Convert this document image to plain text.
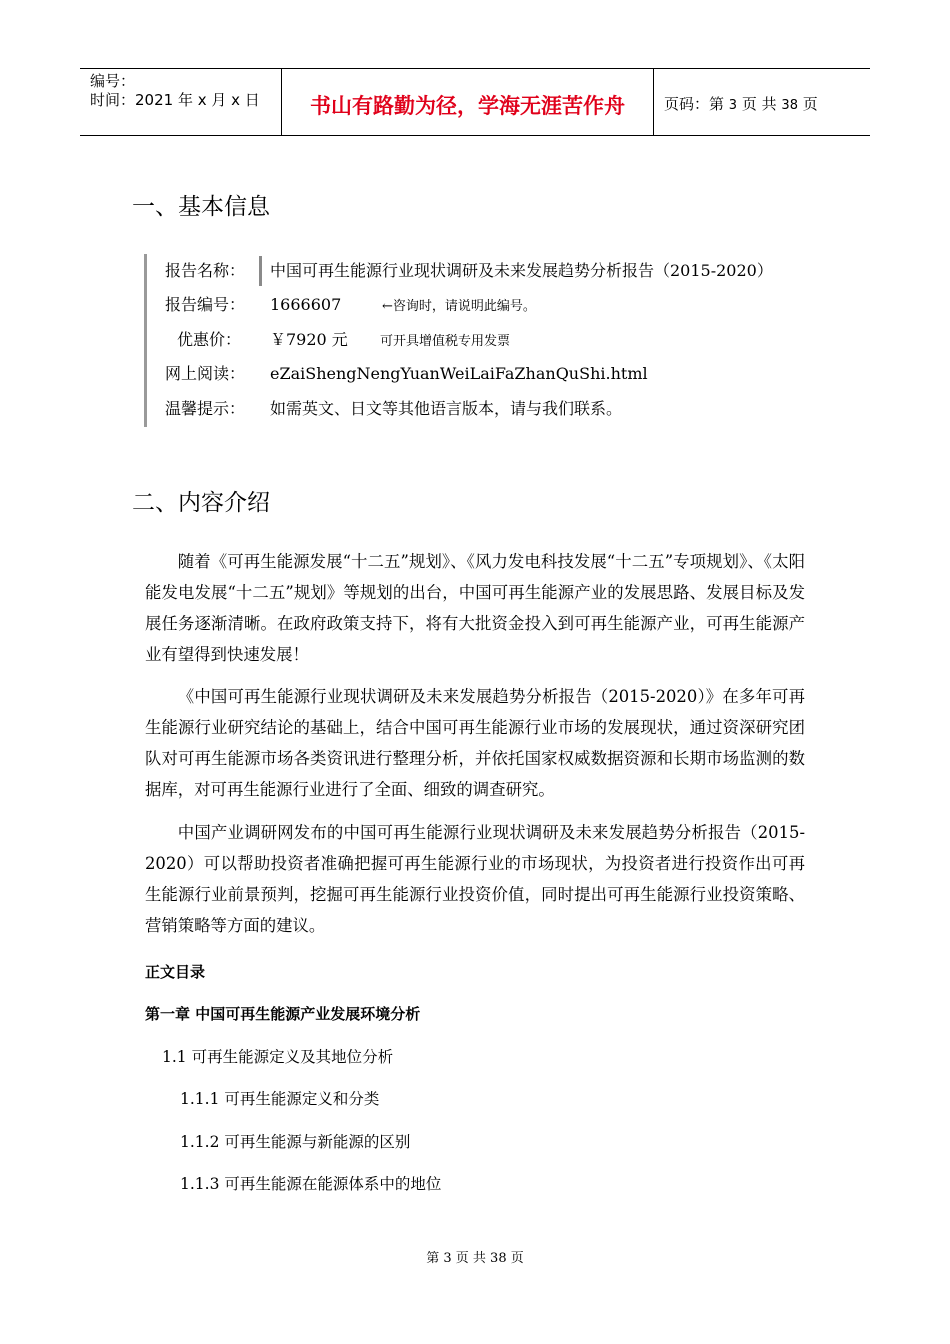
编号：
时间：2021 年 x 月 x 日	书山有路勤为径，学海无涯苦作舟	页码：第 3 页 共 38 页
一、基本信息
报告名称： 中国可再生能源行业现状调研及未来发展趋势分析报告（2015-2020）
报告编号： 1666607	←咨询时，请说明此编号。
优惠价： ￥7920 元 可开具增值税专用发票
网上阅读： eZaiShengNengYuanWeiLaiFaZhanQuShi.html
温馨提示： 如需英文、日文等其他语言版本，请与我们联系。
二、内容介绍

随着《可再生能源发展“十二五”规划》、《风力发电科技发展“十二五”专项规划》、《太阳能发电发展“十二五”规划》等规划的出台，中国可再生能源产业的发展思路、发展目标及发展任务逐渐清晰。在政府政策支持下，将有大批资金投入到可再生能源产业，可再生能源产业有望得到快速发展！

《中国可再生能源行业现状调研及未来发展趋势分析报告（2015-2020）》在多年可再生能源行业研究结论的基础上，结合中国可再生能源行业市场的发展现状，通过资深研究团队对可再生能源市场各类资讯进行整理分析，并依托国家权威数据资源和长期市场监测的数据库，对可再生能源行业进行了全面、细致的调查研究。

中国产业调研网发布的中国可再生能源行业现状调研及未来发展趋势分析报告（2015-2020）可以帮助投资者准确把握可再生能源行业的市场现状，为投资者进行投资作出可再生能源行业前景预判，挖掘可再生能源行业投资价值，同时提出可再生能源行业投资策略、营销策略等方面的建议。

正文目录
第一章 中国可再生能源产业发展环境分析
1.1 可再生能源定义及其地位分析
1.1.1 可再生能源定义和分类
1.1.2 可再生能源与新能源的区别
1.1.3 可再生能源在能源体系中的地位
第 3 页 共 38 页
